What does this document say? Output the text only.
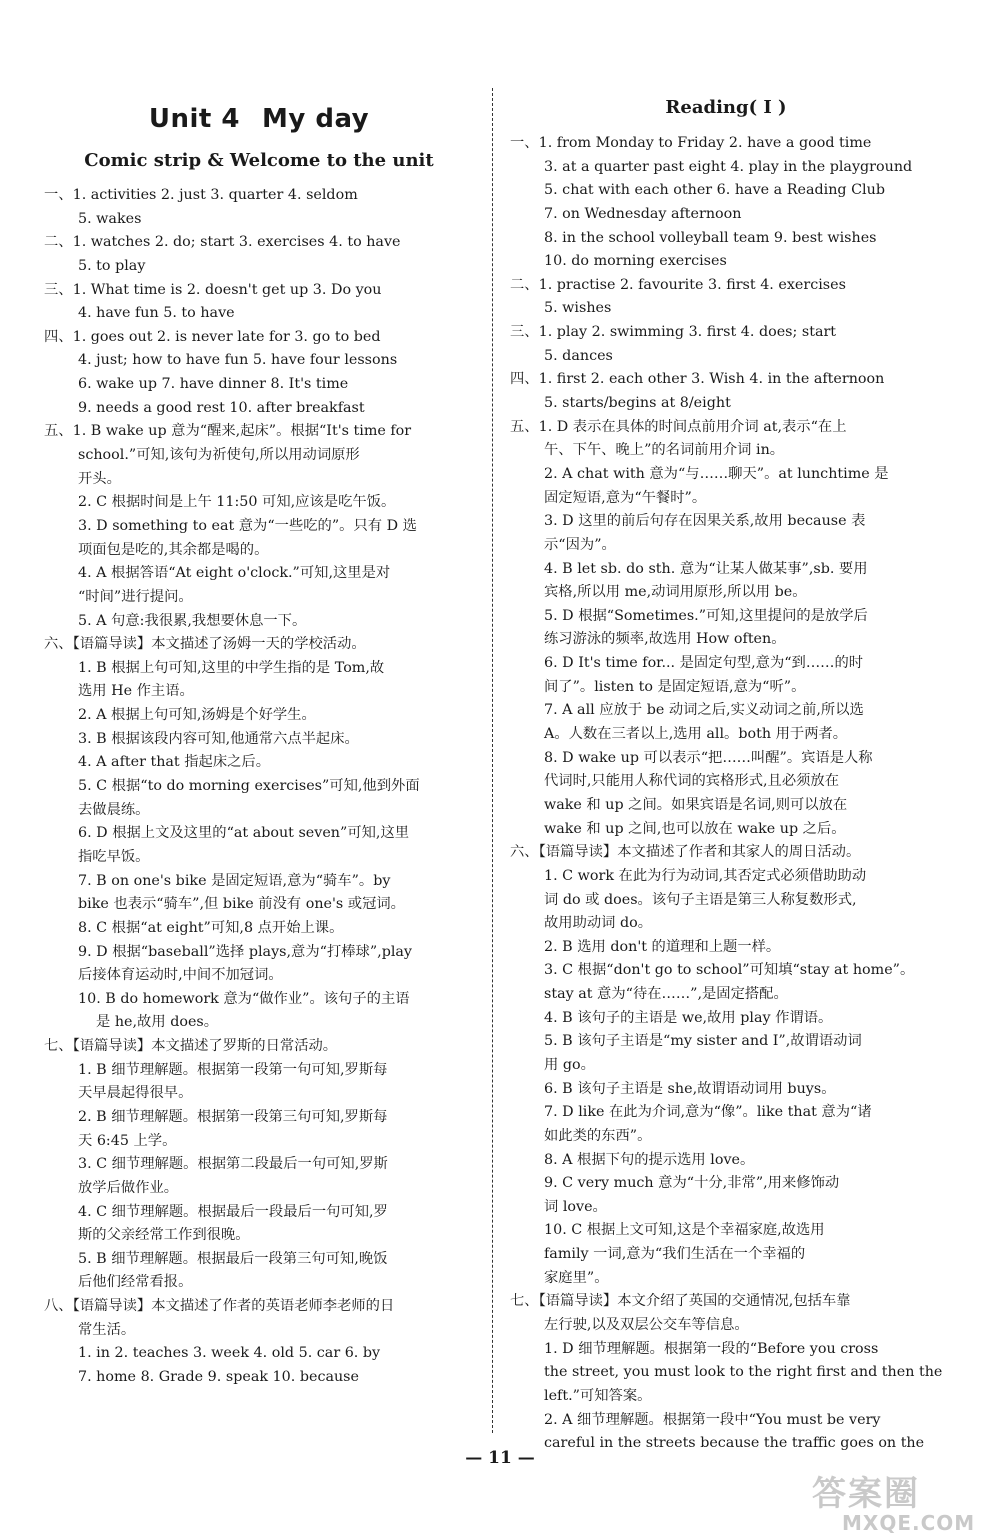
Unit 4 My day
Comic strip & Welcome to the unit
一、1. activities 2. just 3. quarter 4. seldom
5. wakes
二、1. watches 2. do; start 3. exercises 4. to have
5. to play
三、1. What time is 2. doesn't get up 3. Do you
4. have fun 5. to have
四、1. goes out 2. is never late for 3. go to bed
4. just; how to have fun 5. have four lessons
6. wake up 7. have dinner 8. It's time
9. needs a good rest 10. after breakfast
五、1. B wake up 意为“醒来,起床”。根据“It's time for
school.”可知,该句为祈使句,所以用动词原形
开头。
2. C 根据时间是上午 11:50 可知,应该是吃午饭。
3. D something to eat 意为“一些吃的”。只有 D 选
项面包是吃的,其余都是喝的。
4. A 根据答语“At eight o'clock.”可知,这里是对
“时间”进行提问。
5. A 句意:我很累,我想要休息一下。
六、【语篇导读】本文描述了汤姆一天的学校活动。
1. B 根据上句可知,这里的中学生指的是 Tom,故
选用 He 作主语。
2. A 根据上句可知,汤姆是个好学生。
3. B 根据该段内容可知,他通常六点半起床。
4. A after that 指起床之后。
5. C 根据“to do morning exercises”可知,他到外面
去做晨练。
6. D 根据上文及这里的“at about seven”可知,这里
指吃早饭。
7. B on one's bike 是固定短语,意为“骑车”。by
bike 也表示“骑车”,但 bike 前没有 one's 或冠词。
8. C 根据“at eight”可知,8 点开始上课。
9. D 根据“baseball”选择 plays,意为“打棒球”,play
后接体育运动时,中间不加冠词。
10. B do homework 意为“做作业”。该句子的主语
是 he,故用 does。
七、【语篇导读】本文描述了罗斯的日常活动。
1. B 细节理解题。根据第一段第一句可知,罗斯每
天早晨起得很早。
2. B 细节理解题。根据第一段第三句可知,罗斯每
天 6:45 上学。
3. C 细节理解题。根据第二段最后一句可知,罗斯
放学后做作业。
4. C 细节理解题。根据最后一段最后一句可知,罗
斯的父亲经常工作到很晚。
5. B 细节理解题。根据最后一段第三句可知,晚饭
后他们经常看报。
八、【语篇导读】本文描述了作者的英语老师李老师的日
常生活。
1. in 2. teaches 3. week 4. old 5. car 6. by
7. home 8. Grade 9. speak 10. because
Reading( Ⅰ )
一、1. from Monday to Friday 2. have a good time
3. at a quarter past eight 4. play in the playground
5. chat with each other 6. have a Reading Club
7. on Wednesday afternoon
8. in the school volleyball team 9. best wishes
10. do morning exercises
二、1. practise 2. favourite 3. first 4. exercises
5. wishes
三、1. play 2. swimming 3. first 4. does; start
5. dances
四、1. first 2. each other 3. Wish 4. in the afternoon
5. starts/begins at 8/eight
五、1. D 表示在具体的时间点前用介词 at,表示“在上
午、下午、晚上”的名词前用介词 in。
2. A chat with 意为“与……聊天”。at lunchtime 是
固定短语,意为“午餐时”。
3. D 这里的前后句存在因果关系,故用 because 表
示“因为”。
4. B let sb. do sth. 意为“让某人做某事”,sb. 要用
宾格,所以用 me,动词用原形,所以用 be。
5. D 根据“Sometimes.”可知,这里提问的是放学后
练习游泳的频率,故选用 How often。
6. D It's time for... 是固定句型,意为“到……的时
间了”。listen to 是固定短语,意为“听”。
7. A all 应放于 be 动词之后,实义动词之前,所以选
A。人数在三者以上,选用 all。both 用于两者。
8. D wake up 可以表示“把……叫醒”。宾语是人称
代词时,只能用人称代词的宾格形式,且必须放在
wake 和 up 之间。如果宾语是名词,则可以放在
wake 和 up 之间,也可以放在 wake up 之后。
六、【语篇导读】本文描述了作者和其家人的周日活动。
1. C work 在此为行为动词,其否定式必须借助助动
词 do 或 does。该句子主语是第三人称复数形式,
故用助动词 do。
2. B 选用 don't 的道理和上题一样。
3. C 根据“don't go to school”可知填“stay at home”。
stay at 意为“待在……”,是固定搭配。
4. B 该句子的主语是 we,故用 play 作谓语。
5. B 该句子主语是“my sister and I”,故谓语动词
用 go。
6. B 该句子主语是 she,故谓语动词用 buys。
7. D like 在此为介词,意为“像”。like that 意为“诸
如此类的东西”。
8. A 根据下句的提示选用 love。
9. C very much 意为“十分,非常”,用来修饰动
词 love。
10. C 根据上文可知,这是个幸福家庭,故选用
family 一词,意为“我们生活在一个幸福的
家庭里”。
七、【语篇导读】本文介绍了英国的交通情况,包括车靠
左行驶,以及双层公交车等信息。
1. D 细节理解题。根据第一段的“Before you cross
the street, you must look to the right first and then the
left.”可知答案。
2. A 细节理解题。根据第一段中“You must be very
careful in the streets because the traffic goes on the
— 11 —
答案圈
MXQE.COM
